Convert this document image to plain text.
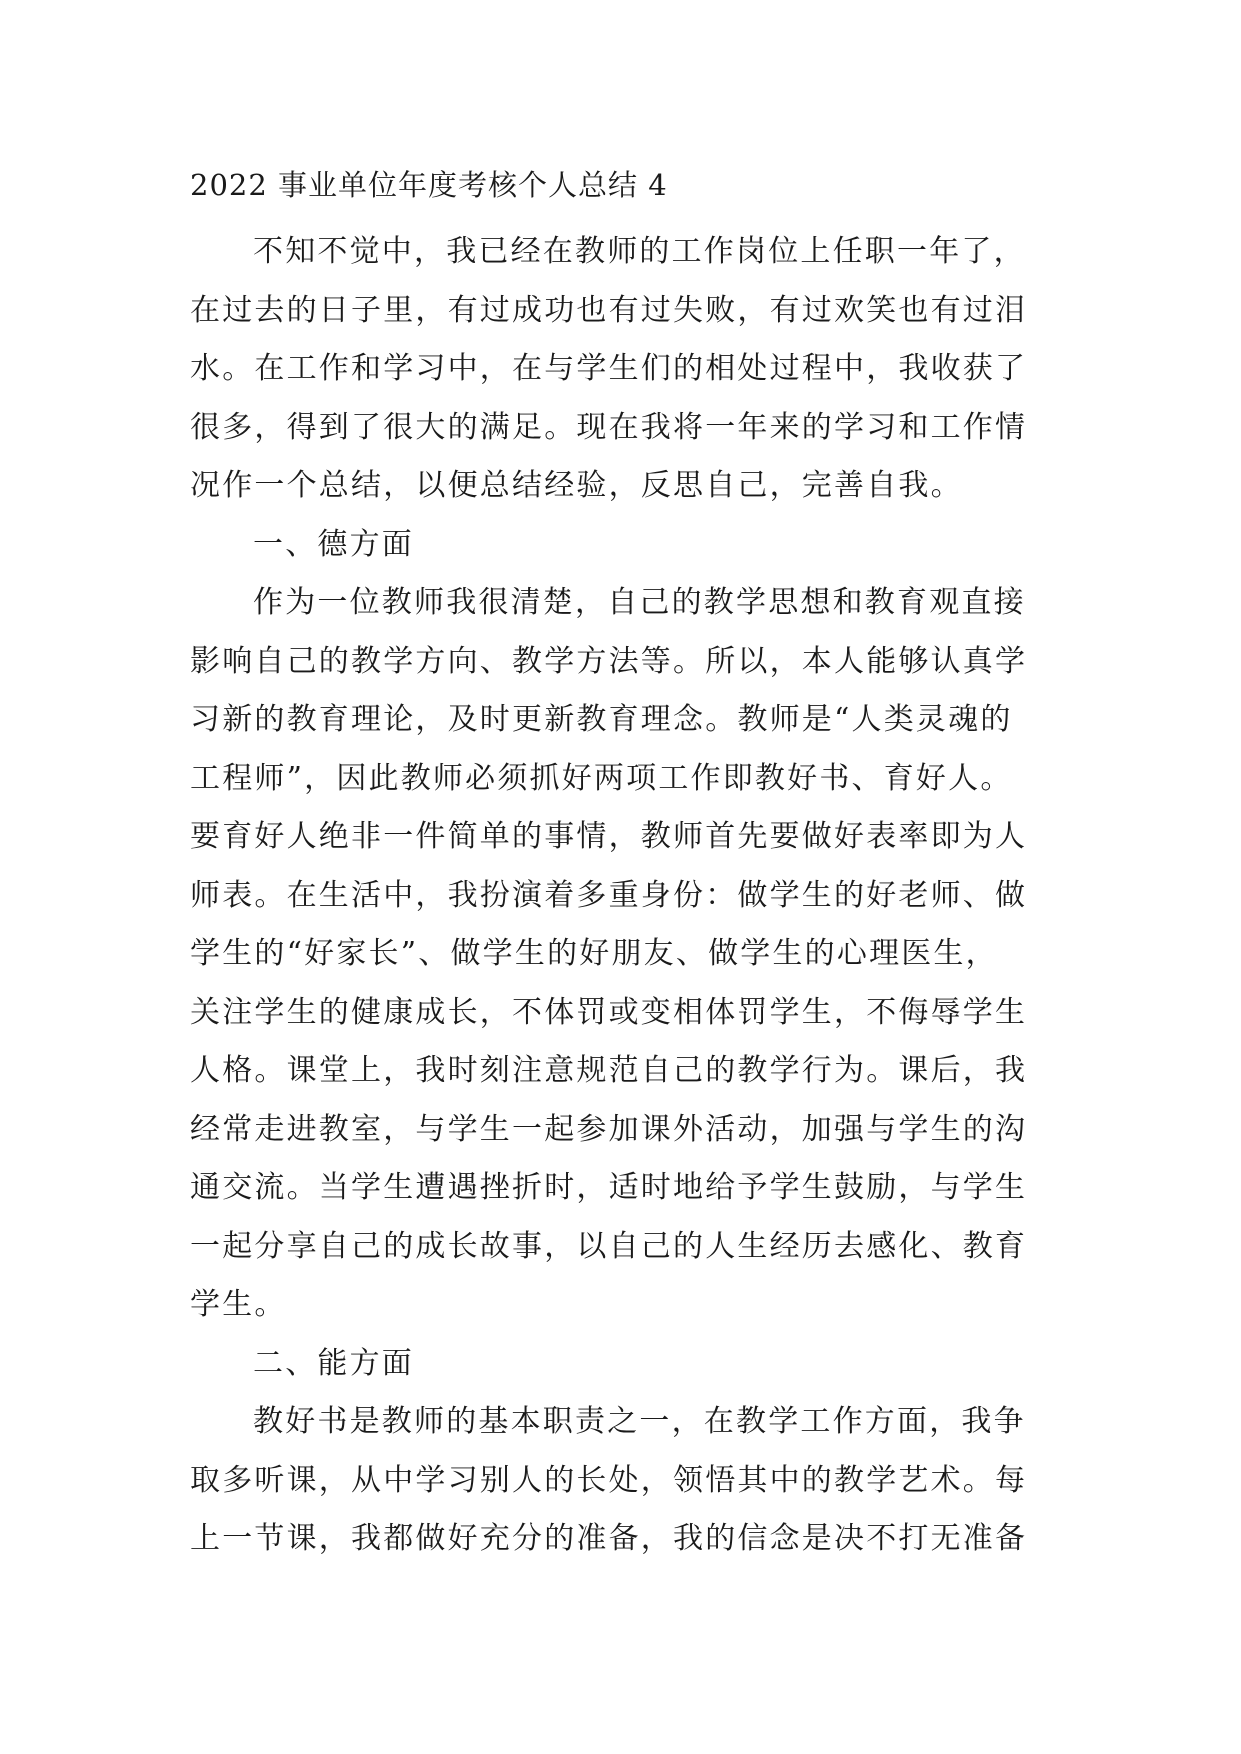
2022 事业单位年度考核个人总结 4
不知不觉中，我已经在教师的工作岗位上任职一年了，
在过去的日子里，有过成功也有过失败，有过欢笑也有过泪
水。在工作和学习中，在与学生们的相处过程中，我收获了
很多，得到了很大的满足。现在我将一年来的学习和工作情
况作一个总结，以便总结经验，反思自己，完善自我。
一、德方面
作为一位教师我很清楚，自己的教学思想和教育观直接
影响自己的教学方向、教学方法等。所以，本人能够认真学
习新的教育理论，及时更新教育理念。教师是“人类灵魂的
工程师”，因此教师必须抓好两项工作即教好书、育好人。
要育好人绝非一件简单的事情，教师首先要做好表率即为人
师表。在生活中，我扮演着多重身份：做学生的好老师、做
学生的“好家长”、做学生的好朋友、做学生的心理医生，
关注学生的健康成长，不体罚或变相体罚学生，不侮辱学生
人格。课堂上，我时刻注意规范自己的教学行为。课后，我
经常走进教室，与学生一起参加课外活动，加强与学生的沟
通交流。当学生遭遇挫折时，适时地给予学生鼓励，与学生
一起分享自己的成长故事，以自己的人生经历去感化、教育
学生。
二、能方面
教好书是教师的基本职责之一，在教学工作方面，我争
取多听课，从中学习别人的长处，领悟其中的教学艺术。每
上一节课，我都做好充分的准备，我的信念是决不打无准备
